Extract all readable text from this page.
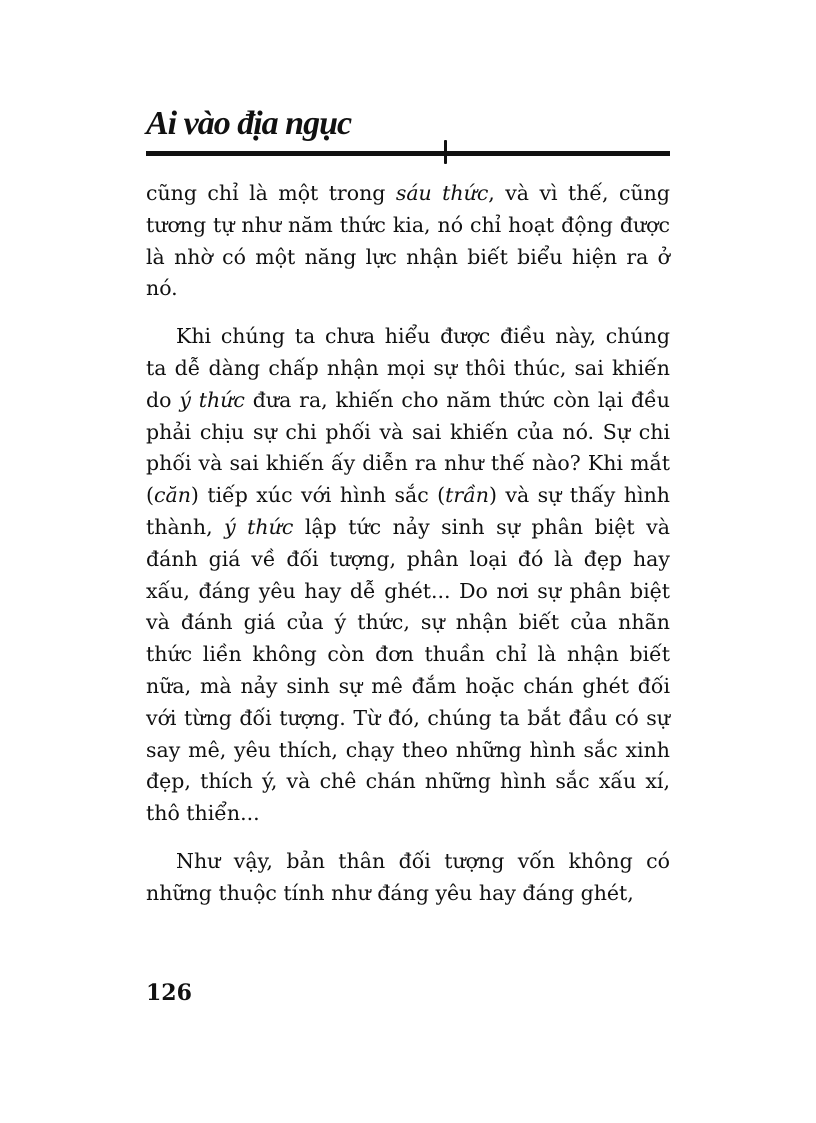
Ai vào địa ngục

cũng chỉ là một trong sáu thức, và vì thế, cũng tương tự như năm thức kia, nó chỉ hoạt động được là nhờ có một năng lực nhận biết biểu hiện ra ở nó.

Khi chúng ta chưa hiểu được điều này, chúng ta dễ dàng chấp nhận mọi sự thôi thúc, sai khiến do ý thức đưa ra, khiến cho năm thức còn lại đều phải chịu sự chi phối và sai khiến của nó. Sự chi phối và sai khiến ấy diễn ra như thế nào? Khi mắt (căn) tiếp xúc với hình sắc (trần) và sự thấy hình thành, ý thức lập tức nảy sinh sự phân biệt và đánh giá về đối tượng, phân loại đó là đẹp hay xấu, đáng yêu hay dễ ghét... Do nơi sự phân biệt và đánh giá của ý thức, sự nhận biết của nhãn thức liền không còn đơn thuần chỉ là nhận biết nữa, mà nảy sinh sự mê đắm hoặc chán ghét đối với từng đối tượng. Từ đó, chúng ta bắt đầu có sự say mê, yêu thích, chạy theo những hình sắc xinh đẹp, thích ý, và chê chán những hình sắc xấu xí, thô thiển...

Như vậy, bản thân đối tượng vốn không có những thuộc tính như đáng yêu hay đáng ghét,

126
